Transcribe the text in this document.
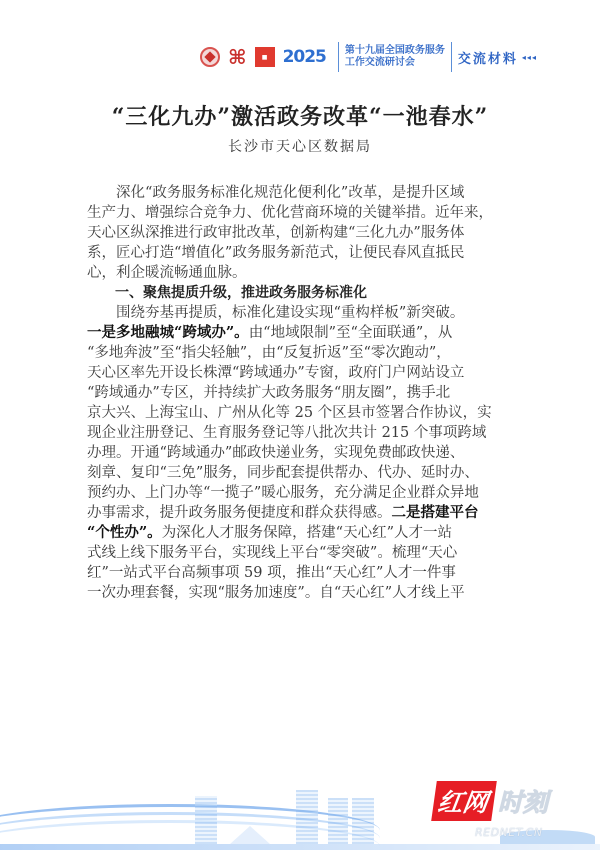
⌘	■ 2025 第十九届全国政务服务
工作交流研讨会	交流材料 ◂◂◂
“三化九办”激活政务改革“一池春水”
长沙市天心区数据局
深化“政务服务标准化规范化便利化”改革，是提升区域
生产力、增强综合竞争力、优化营商环境的关键举措。近年来，
天心区纵深推进行政审批改革，创新构建“三化九办”服务体
系，匠心打造“增值化”政务服务新范式，让便民春风直抵民
心，利企暖流畅通血脉。
一、聚焦提质升级，推进政务服务标准化
围绕夯基再提质，标准化建设实现“重构样板”新突破。
一是多地融城“跨域办”。由“地域限制”至“全面联通”，从
“多地奔波”至“指尖轻触”，由“反复折返”至“零次跑动”，
天心区率先开设长株潭“跨域通办”专窗，政府门户网站设立
“跨域通办”专区，并持续扩大政务服务“朋友圈”，携手北
京大兴、上海宝山、广州从化等 25 个区县市签署合作协议，实
现企业注册登记、生育服务登记等八批次共计 215 个事项跨域
办理。开通“跨域通办”邮政快递业务，实现免费邮政快递、
刻章、复印“三免”服务，同步配套提供帮办、代办、延时办、
预约办、上门办等“一揽子”暖心服务，充分满足企业群众异地
办事需求，提升政务服务便捷度和群众获得感。二是搭建平台
“个性办”。为深化人才服务保障，搭建“天心红”人才一站
式线上线下服务平台，实现线上平台“零突破”。梳理“天心
红”一站式平台高频事项 59 项，推出“天心红”人才一件事
一次办理套餐，实现“服务加速度”。自“天心红”人才线上平
红网 时刻
REDNET.CN
